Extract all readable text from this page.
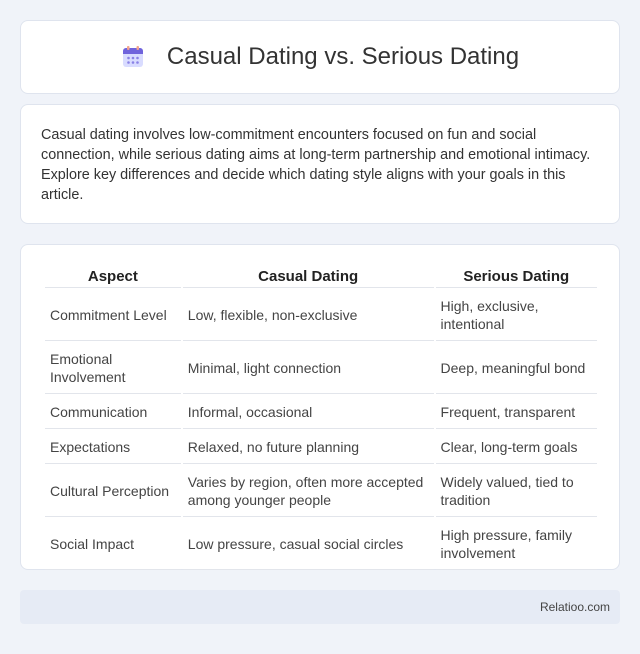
Casual Dating vs. Serious Dating

Casual dating involves low-commitment encounters focused on fun and social connection, while serious dating aims at long-term partnership and emotional intimacy. Explore key differences and decide which dating style aligns with your goals in this article.

Aspect	Casual Dating	Serious Dating
Commitment Level	Low, flexible, non-exclusive	High, exclusive, intentional
Emotional Involvement	Minimal, light connection	Deep, meaningful bond
Communication	Informal, occasional	Frequent, transparent
Expectations	Relaxed, no future planning	Clear, long-term goals
Cultural Perception	Varies by region, often more accepted among younger people	Widely valued, tied to tradition
Social Impact	Low pressure, casual social circles	High pressure, family involvement
Relatioo.com
